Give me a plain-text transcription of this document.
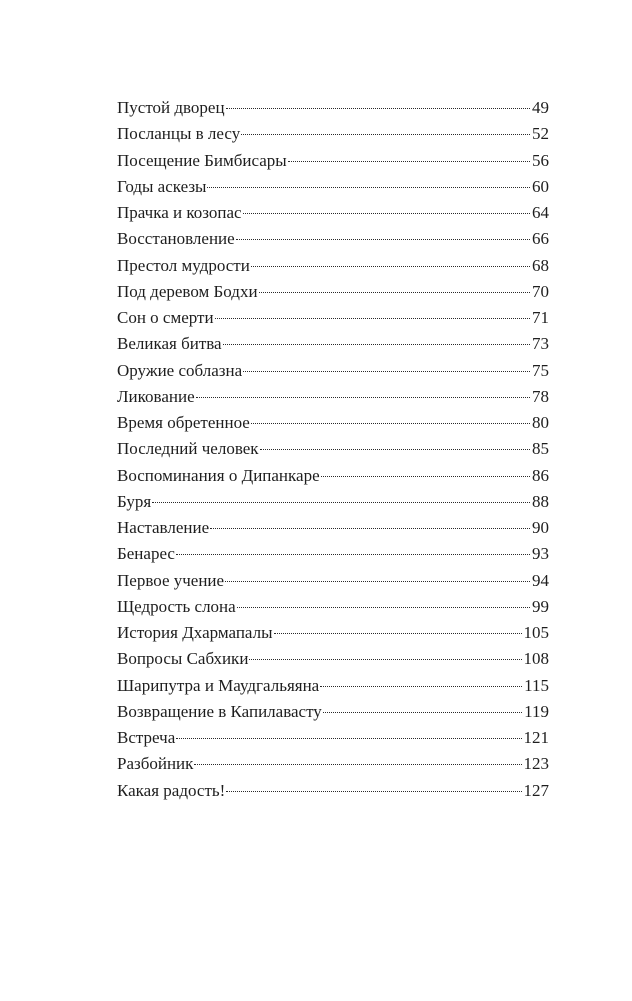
Пустой дворец	49
Посланцы в лесу	52
Посещение Бимбисары	56
Годы аскезы	60
Прачка и козопас	64
Восстановление	66
Престол мудрости	68
Под деревом Бодхи	70
Сон о смерти	71
Великая битва	73
Оружие соблазна	75
Ликование	78
Время обретенное	80
Последний человек	85
Воспоминания о Дипанкаре	86
Буря	88
Наставление	90
Бенарес	93
Первое учение	94
Щедрость слона	99
История Дхармапалы	105
Вопросы Сабхики	108
Шарипутра и Маудгальяяна	115
Возвращение в Капилавасту	119
Встреча	121
Разбойник	123
Какая радость!	127
